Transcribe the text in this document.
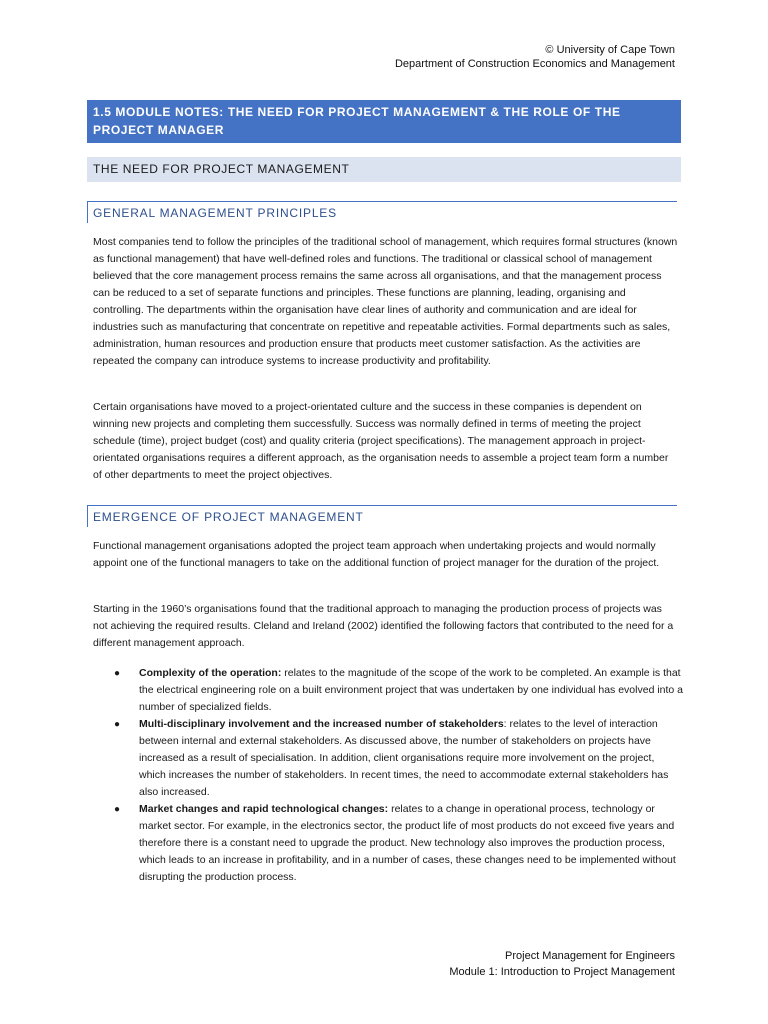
© University of Cape Town
Department of Construction Economics and Management
1.5 MODULE NOTES: THE NEED FOR PROJECT MANAGEMENT & THE ROLE OF THE PROJECT MANAGER
THE NEED FOR PROJECT MANAGEMENT
GENERAL MANAGEMENT PRINCIPLES

Most companies tend to follow the principles of the traditional school of management, which requires formal structures (known as functional management) that have well-defined roles and functions. The traditional or classical school of management believed that the core management process remains the same across all organisations, and that the management process can be reduced to a set of separate functions and principles. These functions are planning, leading, organising and controlling. The departments within the organisation have clear lines of authority and communication and are ideal for industries such as manufacturing that concentrate on repetitive and repeatable activities. Formal departments such as sales, administration, human resources and production ensure that products meet customer satisfaction. As the activities are repeated the company can introduce systems to increase productivity and profitability.

Certain organisations have moved to a project-orientated culture and the success in these companies is dependent on winning new projects and completing them successfully. Success was normally defined in terms of meeting the project schedule (time), project budget (cost) and quality criteria (project specifications). The management approach in project-orientated organisations requires a different approach, as the organisation needs to assemble a project team form a number of other departments to meet the project objectives.

EMERGENCE OF PROJECT MANAGEMENT

Functional management organisations adopted the project team approach when undertaking projects and would normally appoint one of the functional managers to take on the additional function of project manager for the duration of the project.

Starting in the 1960’s organisations found that the traditional approach to managing the production process of projects was not achieving the required results. Cleland and Ireland (2002) identified the following factors that contributed to the need for a different management approach.

● Complexity of the operation: relates to the magnitude of the scope of the work to be completed. An example is that the electrical engineering role on a built environment project that was undertaken by one individual has evolved into a number of specialized fields.
● Multi-disciplinary involvement and the increased number of stakeholders: relates to the level of interaction between internal and external stakeholders. As discussed above, the number of stakeholders on projects have increased as a result of specialisation. In addition, client organisations require more involvement on the project, which increases the number of stakeholders. In recent times, the need to accommodate external stakeholders has also increased.
● Market changes and rapid technological changes: relates to a change in operational process, technology or market sector. For example, in the electronics sector, the product life of most products do not exceed five years and therefore there is a constant need to upgrade the product. New technology also improves the production process, which leads to an increase in profitability, and in a number of cases, these changes need to be implemented without disrupting the production process.
Project Management for Engineers
Module 1: Introduction to Project Management
